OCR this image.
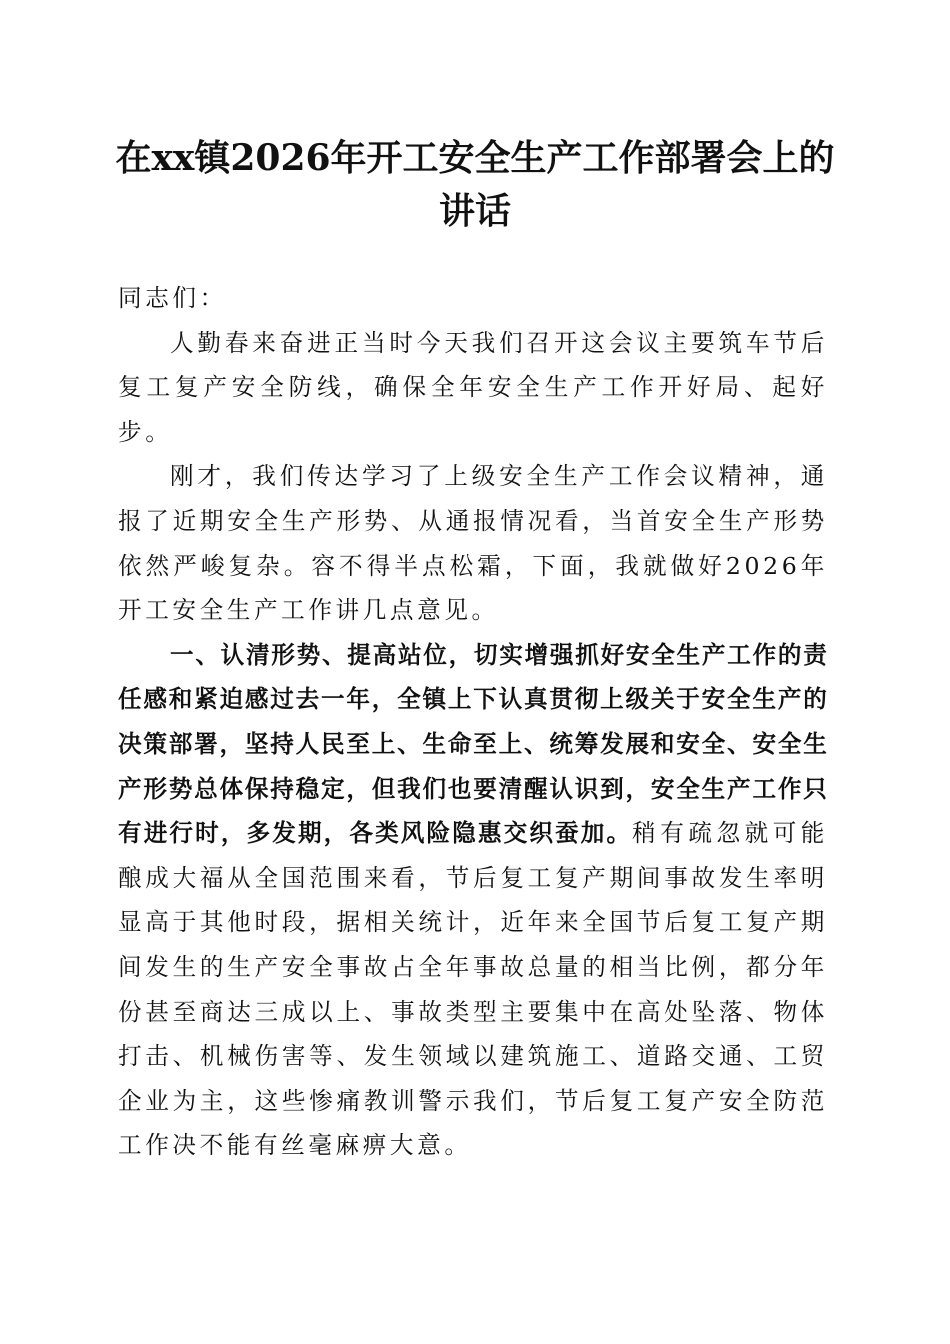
在xx镇2026年开工安全生产工作部署会上的
讲话

同志们：

人勤春来奋进正当时今天我们召开这会议主要筑车节后复工复产安全防线，确保全年安全生产工作开好局、起好步。

刚才，我们传达学习了上级安全生产工作会议精神，通报了近期安全生产形势、从通报情况看，当首安全生产形势依然严峻复杂。容不得半点松霜，下面，我就做好2026年开工安全生产工作讲几点意见。

一、认清形势、提高站位，切实增强抓好安全生产工作的责任感和紧迫感过去一年，全镇上下认真贯彻上级关于安全生产的决策部署，坚持人民至上、生命至上、统筹发展和安全、安全生产形势总体保持稳定，但我们也要清醒认识到，安全生产工作只有进行时，多发期，各类风险隐惠交织蚕加。稍有疏忽就可能酿成大福从全国范围来看，节后复工复产期间事故发生率明显高于其他时段，据相关统计，近年来全国节后复工复产期间发生的生产安全事故占全年事故总量的相当比例，都分年份甚至商达三成以上、事故类型主要集中在高处坠落、物体打击、机械伤害等、发生领域以建筑施工、道路交通、工贸企业为主，这些惨痛教训警示我们，节后复工复产安全防范工作决不能有丝毫麻痹大意。
